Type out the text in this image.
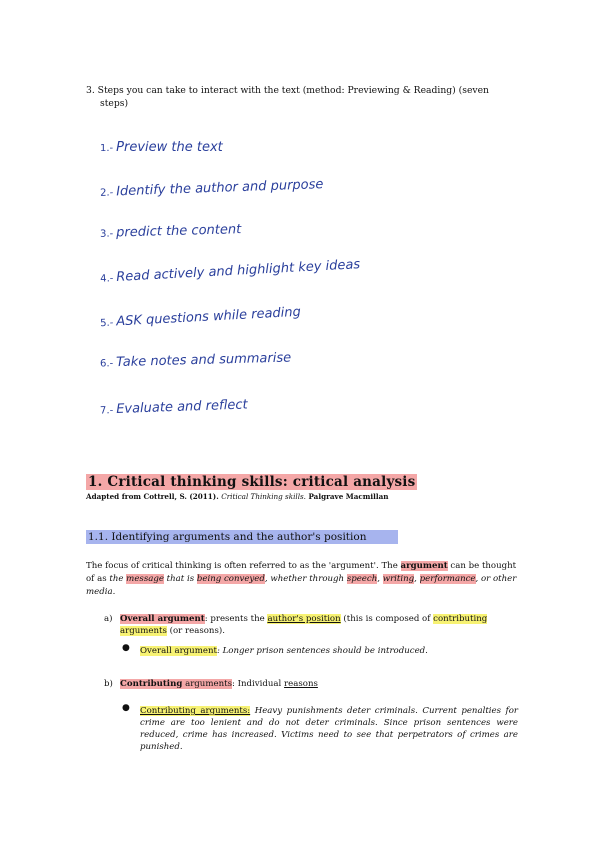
3. Steps you can take to interact with the text (method: Previewing & Reading) (seven
steps)
1.- Preview the text
2.- Identify the author and purpose
3.- predict the content
4.- Read actively and highlight key ideas
5.- ASK questions while reading
6.- Take notes and summarise
7.- Evaluate and reflect
1. Critical thinking skills: critical analysis
Adapted from Cottrell, S. (2011). Critical Thinking skills. Palgrave Macmillan
1.1. Identifying arguments and the author's position
The focus of critical thinking is often referred to as the 'argument'. The argument can be thought of as the message that is being conveyed, whether through speech, writing, performance, or other media.
a) Overall argument: presents the author's position (this is composed of contributing arguments (or reasons).
● Overall argument: Longer prison sentences should be introduced.
b) Contributing arguments: Individual reasons
● Contributing arguments: Heavy punishments deter criminals. Current penalties for crime are too lenient and do not deter criminals. Since prison sentences were reduced, crime has increased. Victims need to see that perpetrators of crimes are punished.
